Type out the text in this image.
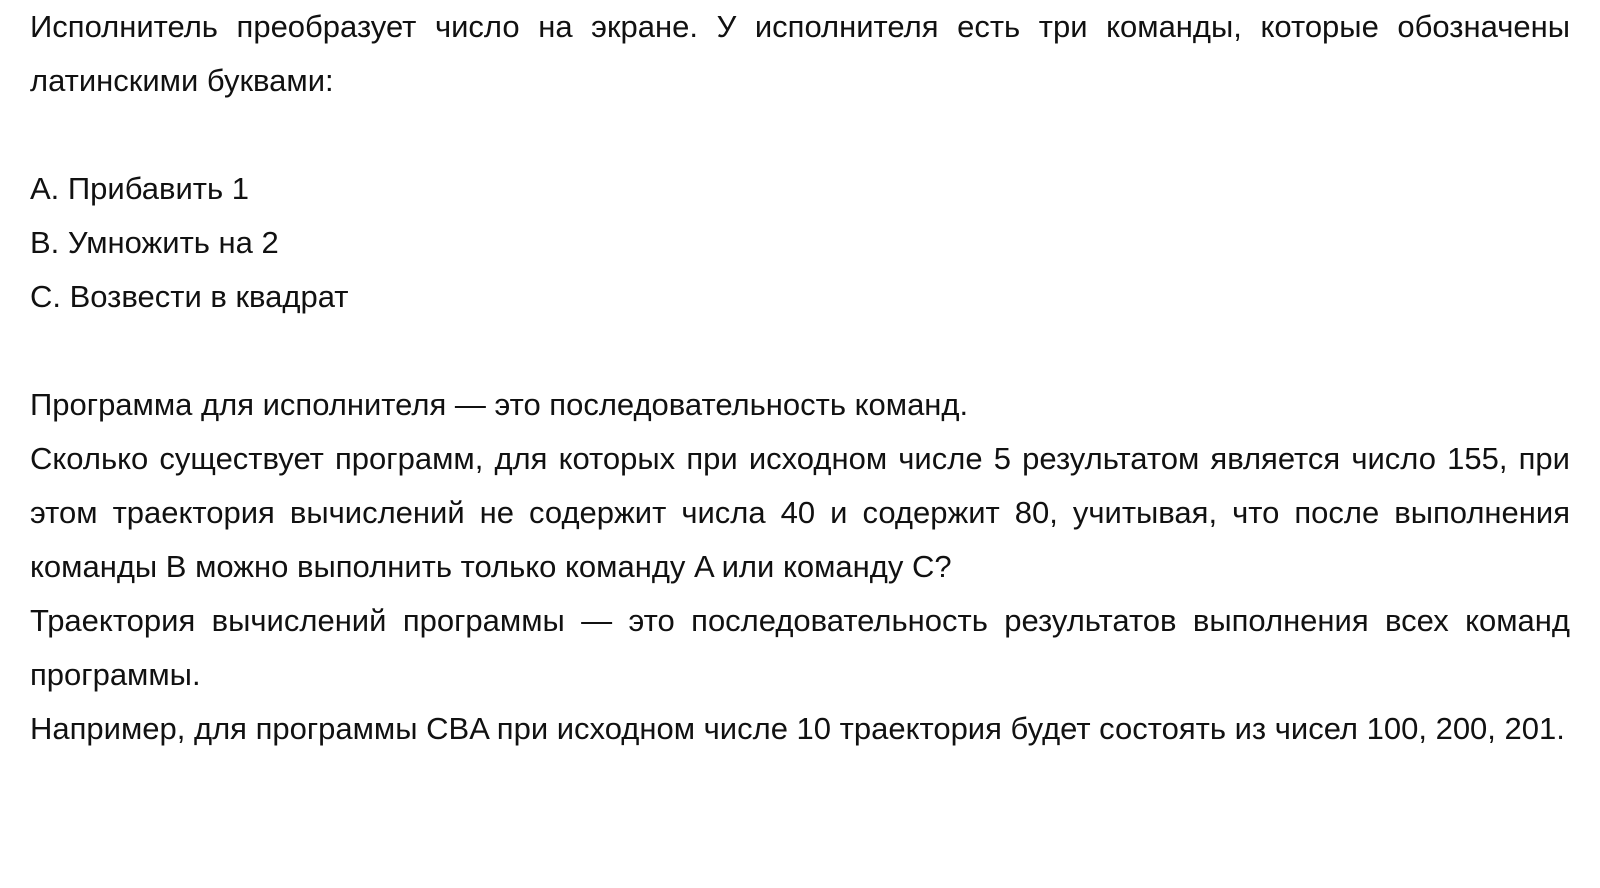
Исполнитель преобразует число на экране. У исполнителя есть три команды, которые обозначены латинскими буквами:

A. Прибавить 1

B. Умножить на 2

C. Возвести в квадрат

Программа для исполнителя — это последовательность команд.

Сколько существует программ, для которых при исходном числе 5 результатом является число 155, при этом траектория вычислений не содержит числа 40 и содержит 80, учитывая, что после выполнения команды B можно выполнить только команду A или команду C?

Траектория вычислений программы — это последовательность результатов выполнения всех команд программы.

Например, для программы CBA при исходном числе 10 траектория будет состоять из чисел 100, 200, 201.
